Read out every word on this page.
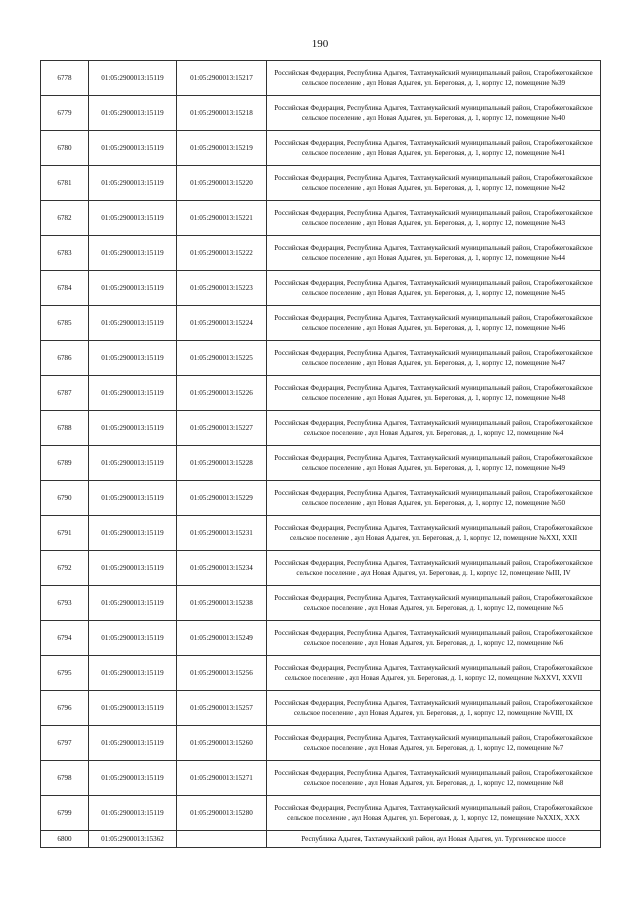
190
6778	01:05:2900013:15119	01:05:2900013:15217	Российская Федерация, Республика Адыгея, Тахтамукайский муниципальный район, Старобжегокайское сельское поселение , аул Новая Адыгея, ул. Береговая, д. 1, корпус 12, помещение №39
6779	01:05:2900013:15119	01:05:2900013:15218	Российская Федерация, Республика Адыгея, Тахтамукайский муниципальный район, Старобжегокайское сельское поселение , аул Новая Адыгея, ул. Береговая, д. 1, корпус 12, помещение №40
6780	01:05:2900013:15119	01:05:2900013:15219	Российская Федерация, Республика Адыгея, Тахтамукайский муниципальный район, Старобжегокайское сельское поселение , аул Новая Адыгея, ул. Береговая, д. 1, корпус 12, помещение №41
6781	01:05:2900013:15119	01:05:2900013:15220	Российская Федерация, Республика Адыгея, Тахтамукайский муниципальный район, Старобжегокайское сельское поселение , аул Новая Адыгея, ул. Береговая, д. 1, корпус 12, помещение №42
6782	01:05:2900013:15119	01:05:2900013:15221	Российская Федерация, Республика Адыгея, Тахтамукайский муниципальный район, Старобжегокайское сельское поселение , аул Новая Адыгея, ул. Береговая, д. 1, корпус 12, помещение №43
6783	01:05:2900013:15119	01:05:2900013:15222	Российская Федерация, Республика Адыгея, Тахтамукайский муниципальный район, Старобжегокайское сельское поселение , аул Новая Адыгея, ул. Береговая, д. 1, корпус 12, помещение №44
6784	01:05:2900013:15119	01:05:2900013:15223	Российская Федерация, Республика Адыгея, Тахтамукайский муниципальный район, Старобжегокайское сельское поселение , аул Новая Адыгея, ул. Береговая, д. 1, корпус 12, помещение №45
6785	01:05:2900013:15119	01:05:2900013:15224	Российская Федерация, Республика Адыгея, Тахтамукайский муниципальный район, Старобжегокайское сельское поселение , аул Новая Адыгея, ул. Береговая, д. 1, корпус 12, помещение №46
6786	01:05:2900013:15119	01:05:2900013:15225	Российская Федерация, Республика Адыгея, Тахтамукайский муниципальный район, Старобжегокайское сельское поселение , аул Новая Адыгея, ул. Береговая, д. 1, корпус 12, помещение №47
6787	01:05:2900013:15119	01:05:2900013:15226	Российская Федерация, Республика Адыгея, Тахтамукайский муниципальный район, Старобжегокайское сельское поселение , аул Новая Адыгея, ул. Береговая, д. 1, корпус 12, помещение №48
6788	01:05:2900013:15119	01:05:2900013:15227	Российская Федерация, Республика Адыгея, Тахтамукайский муниципальный район, Старобжегокайское сельское поселение , аул Новая Адыгея, ул. Береговая, д. 1, корпус 12, помещение №4
6789	01:05:2900013:15119	01:05:2900013:15228	Российская Федерация, Республика Адыгея, Тахтамукайский муниципальный район, Старобжегокайское сельское поселение , аул Новая Адыгея, ул. Береговая, д. 1, корпус 12, помещение №49
6790	01:05:2900013:15119	01:05:2900013:15229	Российская Федерация, Республика Адыгея, Тахтамукайский муниципальный район, Старобжегокайское сельское поселение , аул Новая Адыгея, ул. Береговая, д. 1, корпус 12, помещение №50
6791	01:05:2900013:15119	01:05:2900013:15231	Российская Федерация, Республика Адыгея, Тахтамукайский муниципальный район, Старобжегокайское сельское поселение , аул Новая Адыгея, ул. Береговая, д. 1, корпус 12, помещение №XXI, XXII
6792	01:05:2900013:15119	01:05:2900013:15234	Российская Федерация, Республика Адыгея, Тахтамукайский муниципальный район, Старобжегокайское сельское поселение , аул Новая Адыгея, ул. Береговая, д. 1, корпус 12, помещение №III, IV
6793	01:05:2900013:15119	01:05:2900013:15238	Российская Федерация, Республика Адыгея, Тахтамукайский муниципальный район, Старобжегокайское сельское поселение , аул Новая Адыгея, ул. Береговая, д. 1, корпус 12, помещение №5
6794	01:05:2900013:15119	01:05:2900013:15249	Российская Федерация, Республика Адыгея, Тахтамукайский муниципальный район, Старобжегокайское сельское поселение , аул Новая Адыгея, ул. Береговая, д. 1, корпус 12, помещение №6
6795	01:05:2900013:15119	01:05:2900013:15256	Российская Федерация, Республика Адыгея, Тахтамукайский муниципальный район, Старобжегокайское сельское поселение , аул Новая Адыгея, ул. Береговая, д. 1, корпус 12, помещение №XXVI, XXVII
6796	01:05:2900013:15119	01:05:2900013:15257	Российская Федерация, Республика Адыгея, Тахтамукайский муниципальный район, Старобжегокайское сельское поселение , аул Новая Адыгея, ул. Береговая, д. 1, корпус 12, помещение №VIII, IX
6797	01:05:2900013:15119	01:05:2900013:15260	Российская Федерация, Республика Адыгея, Тахтамукайский муниципальный район, Старобжегокайское сельское поселение , аул Новая Адыгея, ул. Береговая, д. 1, корпус 12, помещение №7
6798	01:05:2900013:15119	01:05:2900013:15271	Российская Федерация, Республика Адыгея, Тахтамукайский муниципальный район, Старобжегокайское сельское поселение , аул Новая Адыгея, ул. Береговая, д. 1, корпус 12, помещение №8
6799	01:05:2900013:15119	01:05:2900013:15280	Российская Федерация, Республика Адыгея, Тахтамукайский муниципальный район, Старобжегокайское сельское поселение , аул Новая Адыгея, ул. Береговая, д. 1, корпус 12, помещение №XXIX, XXX
6800	01:05:2900013:15362		Республика Адыгея, Тахтамукайский район, аул Новая Адыгея, ул. Тургеневское шоссе
